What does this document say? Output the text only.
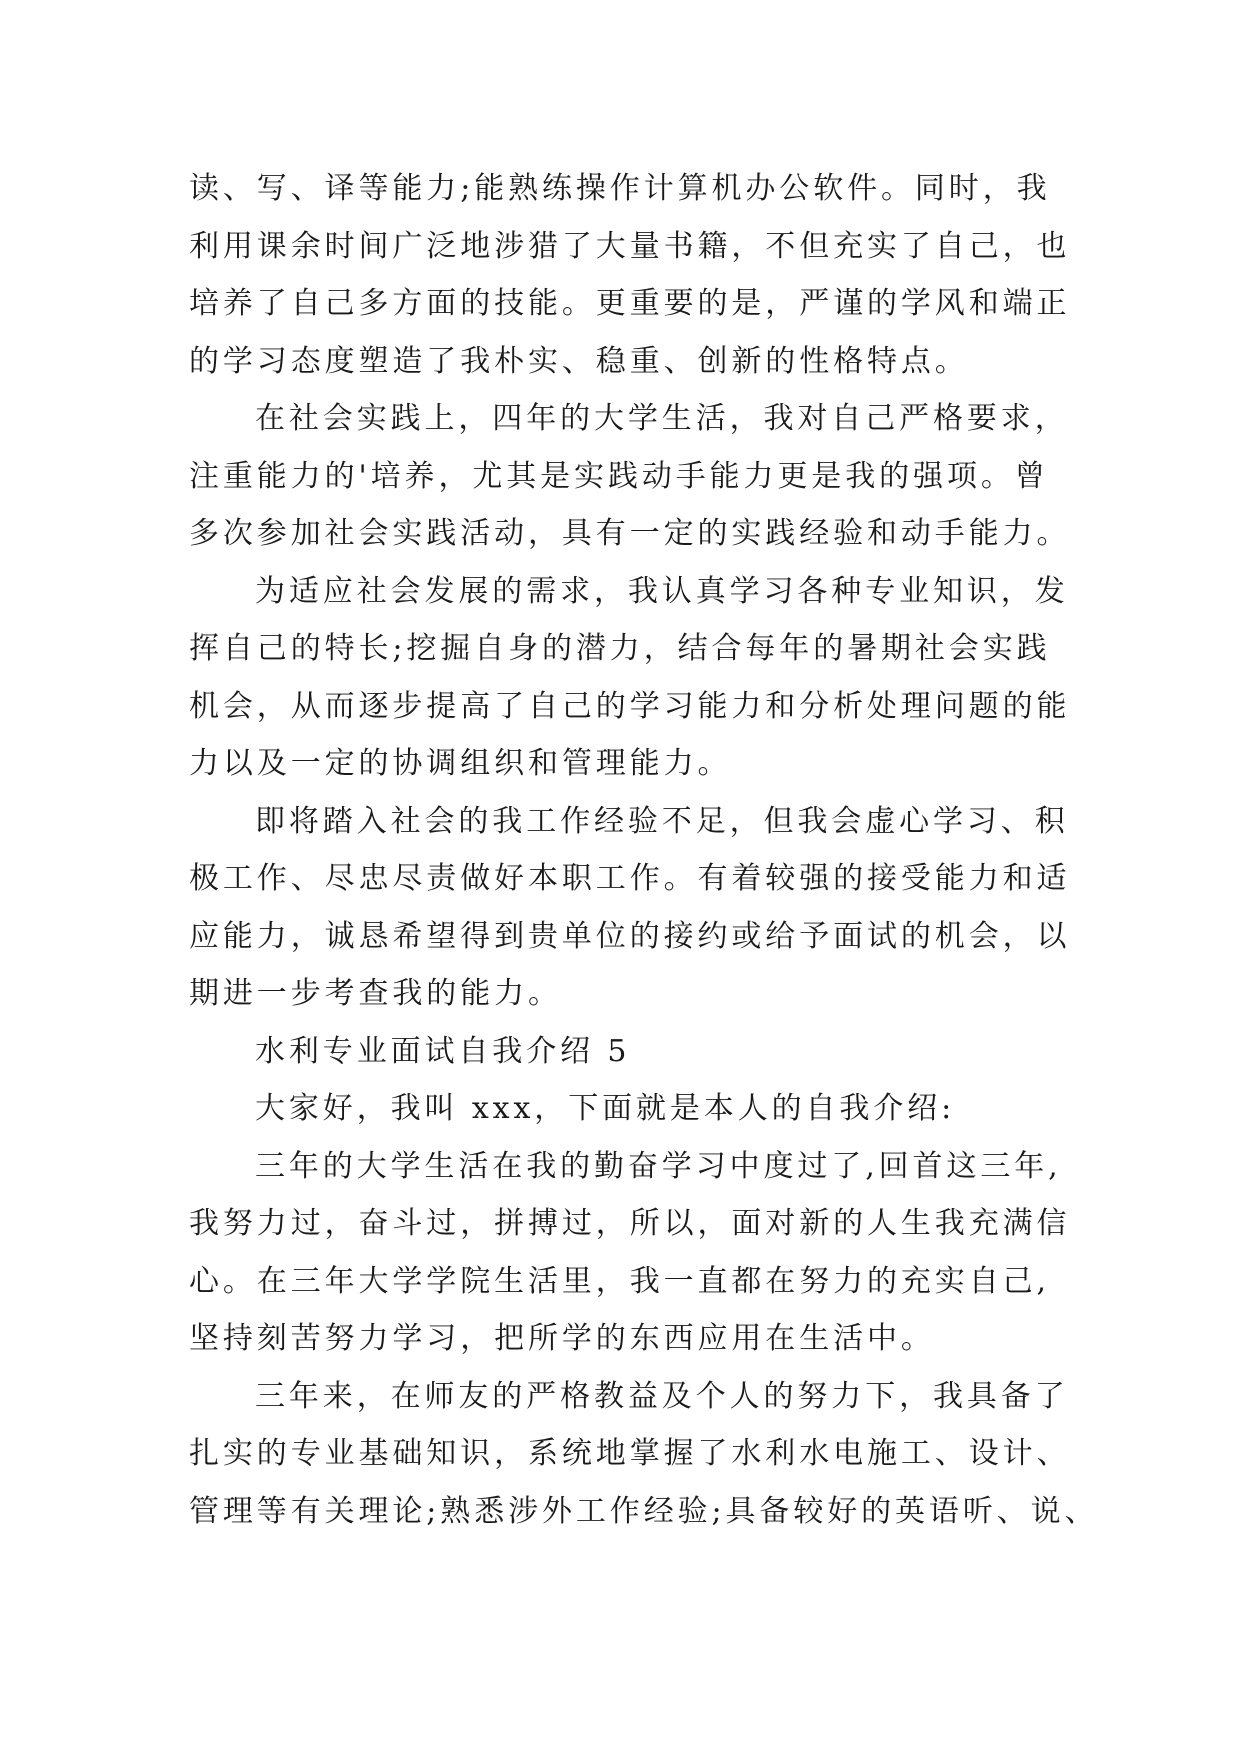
读、写、译等能力;能熟练操作计算机办公软件。同时，我
利用课余时间广泛地涉猎了大量书籍，不但充实了自己，也
培养了自己多方面的技能。更重要的是，严谨的学风和端正
的学习态度塑造了我朴实、稳重、创新的性格特点。
在社会实践上，四年的大学生活，我对自己严格要求，
注重能力的'培养，尤其是实践动手能力更是我的强项。曾
多次参加社会实践活动，具有一定的实践经验和动手能力。
为适应社会发展的需求，我认真学习各种专业知识，发
挥自己的特长;挖掘自身的潜力，结合每年的暑期社会实践
机会，从而逐步提高了自己的学习能力和分析处理问题的能
力以及一定的协调组织和管理能力。
即将踏入社会的我工作经验不足，但我会虚心学习、积
极工作、尽忠尽责做好本职工作。有着较强的接受能力和适
应能力，诚恳希望得到贵单位的接约或给予面试的机会，以
期进一步考查我的能力。
水利专业面试自我介绍 5
大家好，我叫 xxx，下面就是本人的自我介绍:
三年的大学生活在我的勤奋学习中度过了,回首这三年,
我努力过，奋斗过，拼搏过，所以，面对新的人生我充满信
心。在三年大学学院生活里，我一直都在努力的充实自己,
坚持刻苦努力学习，把所学的东西应用在生活中。
三年来，在师友的严格教益及个人的努力下，我具备了
扎实的专业基础知识，系统地掌握了水利水电施工、设计、
管理等有关理论;熟悉涉外工作经验;具备较好的英语听、说、
